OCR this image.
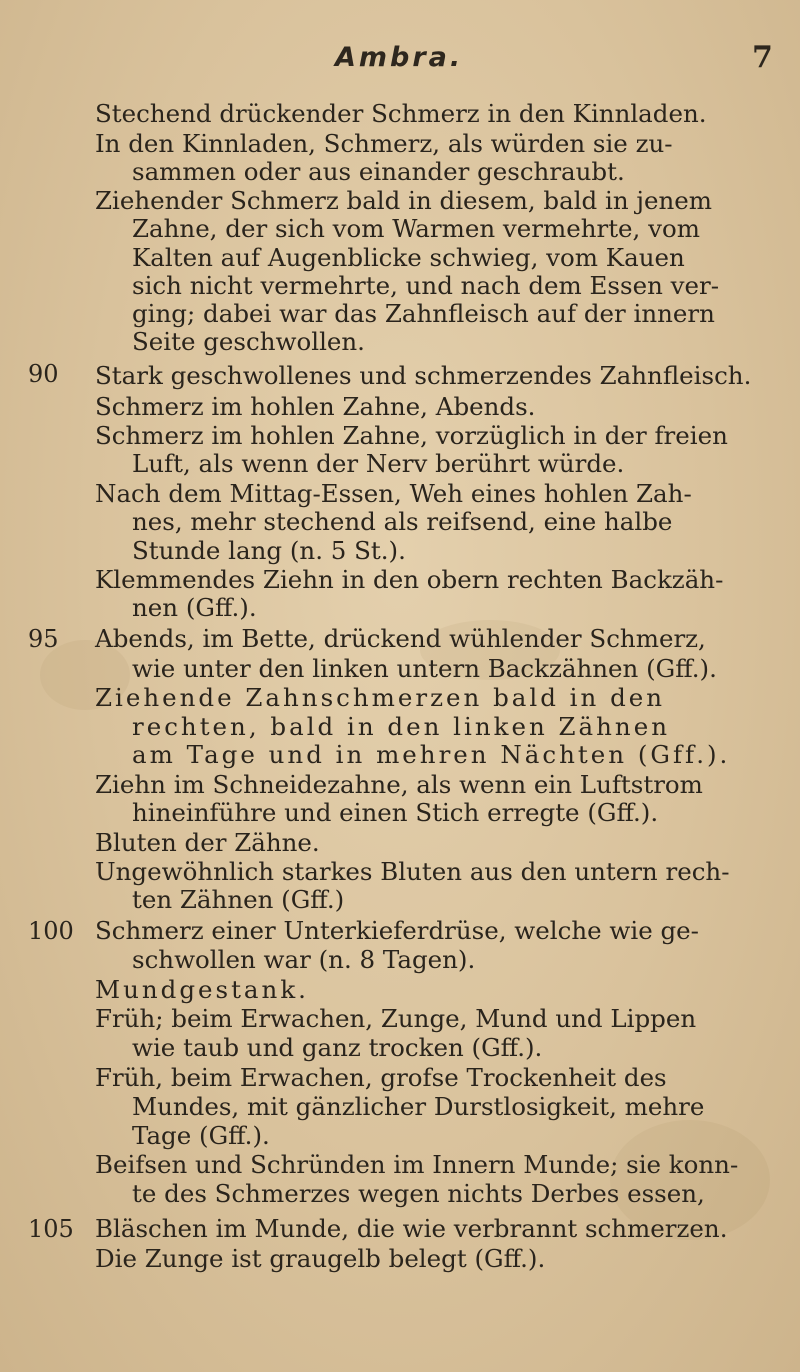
Ambra.	7
90
95
100
105
Stechend drückender Schmerz in den Kinnladen.
In den Kinnladen, Schmerz, als würden sie zu-
sammen oder aus einander geschraubt.
Ziehender Schmerz bald in diesem, bald in jenem
Zahne, der sich vom Warmen vermehrte, vom
Kalten auf Augenblicke schwieg, vom Kauen
sich nicht vermehrte, und nach dem Essen ver-
ging; dabei war das Zahnfleisch auf der innern
Seite geschwollen.
Stark geschwollenes und schmerzendes Zahnfleisch.
Schmerz im hohlen Zahne, Abends.
Schmerz im hohlen Zahne, vorzüglich in der freien
Luft, als wenn der Nerv berührt würde.
Nach dem Mittag-Essen, Weh eines hohlen Zah-
nes, mehr stechend als reifsend, eine halbe
Stunde lang (n. 5 St.).
Klemmendes Ziehn in den obern rechten Backzäh-
nen (Gff.).
Abends, im Bette, drückend wühlender Schmerz,
wie unter den linken untern Backzähnen (Gff.).
Ziehende Zahnschmerzen bald in den
rechten, bald in den linken Zähnen
am Tage und in mehren Nächten (Gff.).
Ziehn im Schneidezahne, als wenn ein Luftstrom
hineinführe und einen Stich erregte (Gff.).
Bluten der Zähne.
Ungewöhnlich starkes Bluten aus den untern rech-
ten Zähnen (Gff.)
Schmerz einer Unterkieferdrüse, welche wie ge-
schwollen war (n. 8 Tagen).
Mundgestank.
Früh; beim Erwachen, Zunge, Mund und Lippen
wie taub und ganz trocken (Gff.).
Früh, beim Erwachen, grofse Trockenheit des
Mundes, mit gänzlicher Durstlosigkeit, mehre
Tage (Gff.).
Beifsen und Schründen im Innern Munde; sie konn-
te des Schmerzes wegen nichts Derbes essen,
Bläschen im Munde, die wie verbrannt schmerzen.
Die Zunge ist graugelb belegt (Gff.).
